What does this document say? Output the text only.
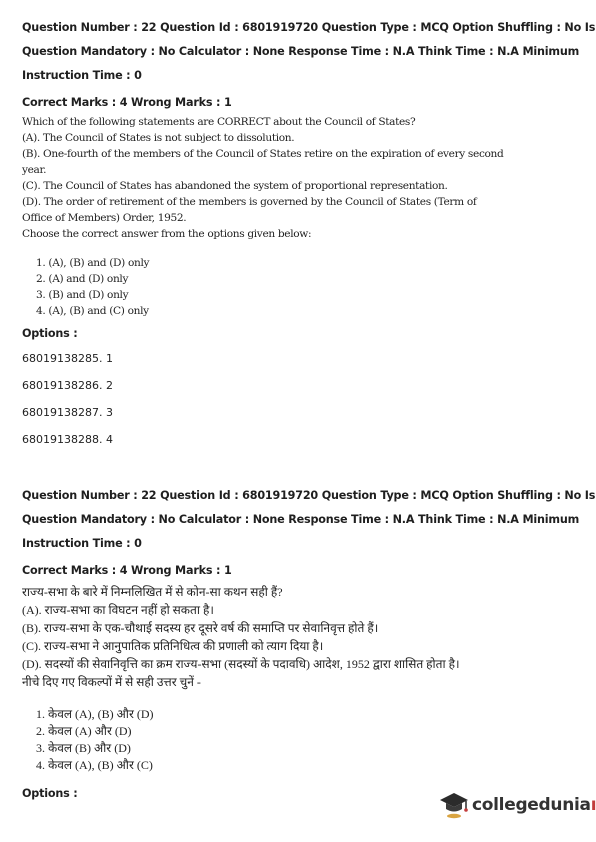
Question Number : 22 Question Id : 6801919720 Question Type : MCQ Option Shuffling : No Is
Question Mandatory : No Calculator : None Response Time : N.A Think Time : N.A Minimum
Instruction Time : 0
Correct Marks : 4 Wrong Marks : 1
Which of the following statements are CORRECT about the Council of States?
(A). The Council of States is not subject to dissolution.
(B). One-fourth of the members of the Council of States retire on the expiration of every second
year.
(C). The Council of States has abandoned the system of proportional representation.
(D). The order of retirement of the members is governed by the Council of States (Term of
Office of Members) Order, 1952.
Choose the correct answer from the options given below:
1. (A), (B) and (D) only
2. (A) and (D) only
3. (B) and (D) only
4. (A), (B) and (C) only
Options :
68019138285. 1
68019138286. 2
68019138287. 3
68019138288. 4
Question Number : 22 Question Id : 6801919720 Question Type : MCQ Option Shuffling : No Is
Question Mandatory : No Calculator : None Response Time : N.A Think Time : N.A Minimum
Instruction Time : 0
Correct Marks : 4 Wrong Marks : 1
राज्य-सभा के बारे में निम्नलिखित में से कोन-सा कथन सही हैं?
(A). राज्य-सभा का विघटन नहीं हो सकता है।
(B). राज्य-सभा के एक-चौथाई सदस्य हर दूसरे वर्ष की समाप्ति पर सेवानिवृत्त होते हैं।
(C). राज्य-सभा ने आनुपातिक प्रतिनिधित्व की प्रणाली को त्याग दिया है।
(D). सदस्यों की सेवानिवृत्ति का क्रम राज्य-सभा (सदस्यों के पदावधि) आदेश, 1952 द्वारा शासित होता है।
नीचे दिए गए विकल्पों में से सही उत्तर चुनें -
1. केवल (A), (B) और (D)
2. केवल (A) और (D)
3. केवल (B) और (D)
4. केवल (A), (B) और (C)
Options :
collegeduniaı
